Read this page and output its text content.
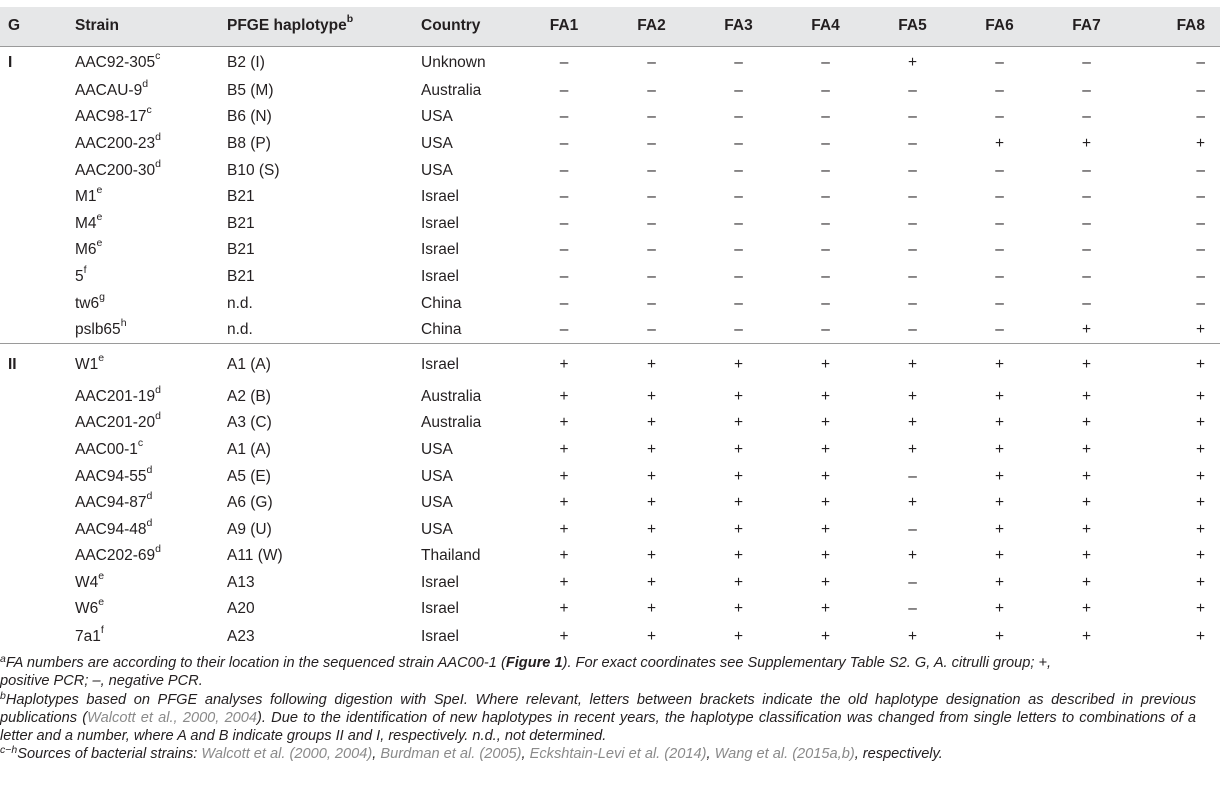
G	Strain	PFGE haplotype$^b$	Country	FA1	FA2	FA3	FA4	FA5	FA6	FA7	FA8
I	AAC92-305$^c$	B2 (I)	Unknown	–	–	–	–	+	–	–	–
	AACAU-9$^d$	B5 (M)	Australia	–	–	–	–	–	–	–	–
	AAC98-17$^c$	B6 (N)	USA	–	–	–	–	–	–	–	–
	AAC200-23$^d$	B8 (P)	USA	–	–	–	–	–	+	+	+
	AAC200-30$^d$	B10 (S)	USA	–	–	–	–	–	–	–	–
	M1e	B21	Israel	–	–	–	–	–	–	–	–
	M4e	B21	Israel	–	–	–	–	–	–	–	–
	M6e	B21	Israel	–	–	–	–	–	–	–	–
	5$^f$	B21	Israel	–	–	–	–	–	–	–	–
	tw6$^g$	n.d.	China	–	–	–	–	–	–	–	–
	pslb65$^h$	n.d.	China	–	–	–	–	–	–	+	+
II	W1e	A1 (A)	Israel	+	+	+	+	+	+	+	+
	AAC201-19$^d$	A2 (B)	Australia	+	+	+	+	+	+	+	+
	AAC201-20$^d$	A3 (C)	Australia	+	+	+	+	+	+	+	+
	AAC00-1$^c$	A1 (A)	USA	+	+	+	+	+	+	+	+
	AAC94-55$^d$	A5 (E)	USA	+	+	+	+	–	+	+	+
	AAC94-87$^d$	A6 (G)	USA	+	+	+	+	+	+	+	+
	AAC94-48$^d$	A9 (U)	USA	+	+	+	+	–	+	+	+
	AAC202-69$^d$	A11 (W)	Thailand	+	+	+	+	+	+	+	+
	W4e	A13	Israel	+	+	+	+	–	+	+	+
	W6e	A20	Israel	+	+	+	+	–	+	+	+
	7a1$^f$	A23	Israel	+	+	+	+	+	+	+	+

$^a$FA numbers are according to their location in the sequenced strain AAC00-1 (Figure 1). For exact coordinates see Supplementary Table S2. G, A. citrulli group; +,
positive PCR; –, negative PCR.

$^b$Haplotypes based on PFGE analyses following digestion with SpeI. Where relevant, letters between brackets indicate the old haplotype designation as described in previous publications (Walcott et al., 2000, 2004). Due to the identification of new haplotypes in recent years, the haplotype classification was changed from single letters to combinations of a letter and a number, where A and B indicate groups II and I, respectively. n.d., not determined.

$^{c-h}$Sources of bacterial strains: Walcott et al. (2000, 2004), Burdman et al. (2005), Eckshtain-Levi et al. (2014), Wang et al. (2015a,b), respectively.
